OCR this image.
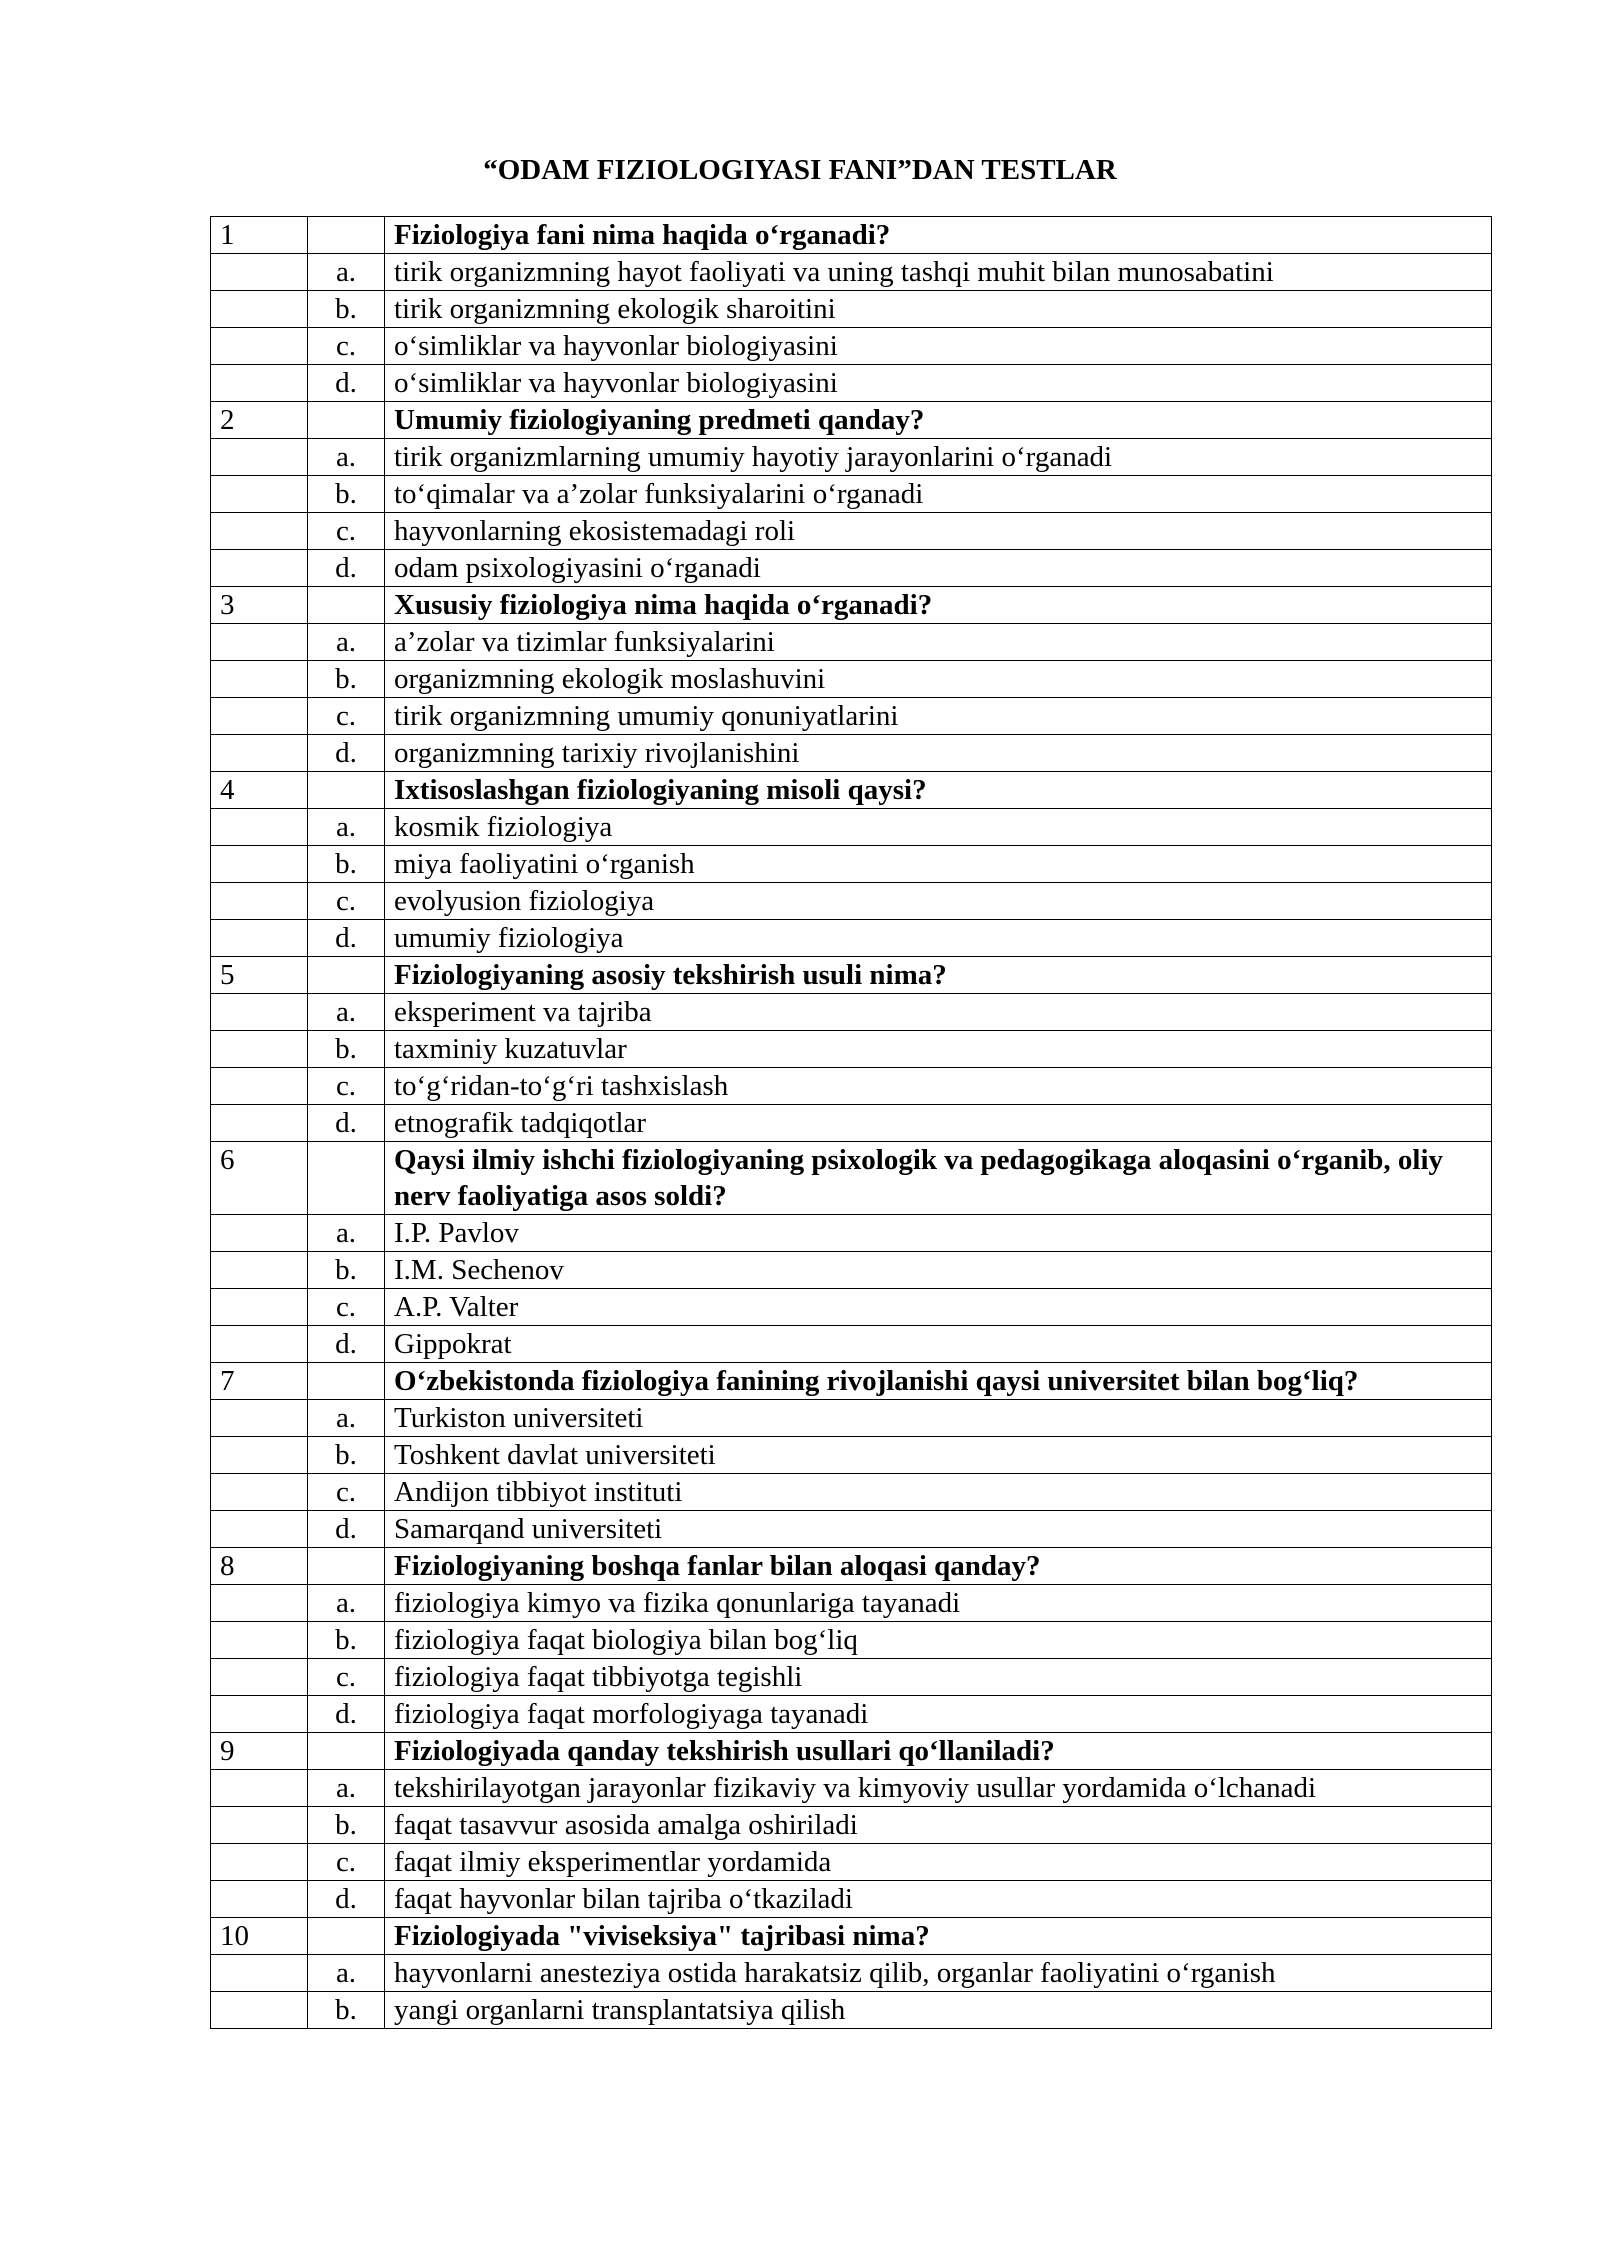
“ODAM FIZIOLOGIYASI FANI”DAN TESTLAR
1		Fiziologiya fani nima haqida o‘rganadi?
	a.	tirik organizmning hayot faoliyati va uning tashqi muhit bilan munosabatini
	b.	tirik organizmning ekologik sharoitini
	c.	o‘simliklar va hayvonlar biologiyasini
	d.	o‘simliklar va hayvonlar biologiyasini
2		Umumiy fiziologiyaning predmeti qanday?
	a.	tirik organizmlarning umumiy hayotiy jarayonlarini o‘rganadi
	b.	to‘qimalar va a’zolar funksiyalarini o‘rganadi
	c.	hayvonlarning ekosistemadagi roli
	d.	odam psixologiyasini o‘rganadi
3		Xususiy fiziologiya nima haqida o‘rganadi?
	a.	a’zolar va tizimlar funksiyalarini
	b.	organizmning ekologik moslashuvini
	c.	tirik organizmning umumiy qonuniyatlarini
	d.	organizmning tarixiy rivojlanishini
4		Ixtisoslashgan fiziologiyaning misoli qaysi?
	a.	kosmik fiziologiya
	b.	miya faoliyatini o‘rganish
	c.	evolyusion fiziologiya
	d.	umumiy fiziologiya
5		Fiziologiyaning asosiy tekshirish usuli nima?
	a.	eksperiment va tajriba
	b.	taxminiy kuzatuvlar
	c.	to‘g‘ridan-to‘g‘ri tashxislash
	d.	etnografik tadqiqotlar
6		Qaysi ilmiy ishchi fiziologiyaning psixologik va pedagogikaga aloqasini o‘rganib, oliy nerv faoliyatiga asos soldi?
	a.	I.P. Pavlov
	b.	I.M. Sechenov
	c.	A.P. Valter
	d.	Gippokrat
7		O‘zbekistonda fiziologiya fanining rivojlanishi qaysi universitet bilan bog‘liq?
	a.	Turkiston universiteti
	b.	Toshkent davlat universiteti
	c.	Andijon tibbiyot instituti
	d.	Samarqand universiteti
8		Fiziologiyaning boshqa fanlar bilan aloqasi qanday?
	a.	fiziologiya kimyo va fizika qonunlariga tayanadi
	b.	fiziologiya faqat biologiya bilan bog‘liq
	c.	fiziologiya faqat tibbiyotga tegishli
	d.	fiziologiya faqat morfologiyaga tayanadi
9		Fiziologiyada qanday tekshirish usullari qo‘llaniladi?
	a.	tekshirilayotgan jarayonlar fizikaviy va kimyoviy usullar yordamida o‘lchanadi
	b.	faqat tasavvur asosida amalga oshiriladi
	c.	faqat ilmiy eksperimentlar yordamida
	d.	faqat hayvonlar bilan tajriba o‘tkaziladi
10		Fiziologiyada "viviseksiya" tajribasi nima?
	a.	hayvonlarni anesteziya ostida harakatsiz qilib, organlar faoliyatini o‘rganish
	b.	yangi organlarni transplantatsiya qilish
